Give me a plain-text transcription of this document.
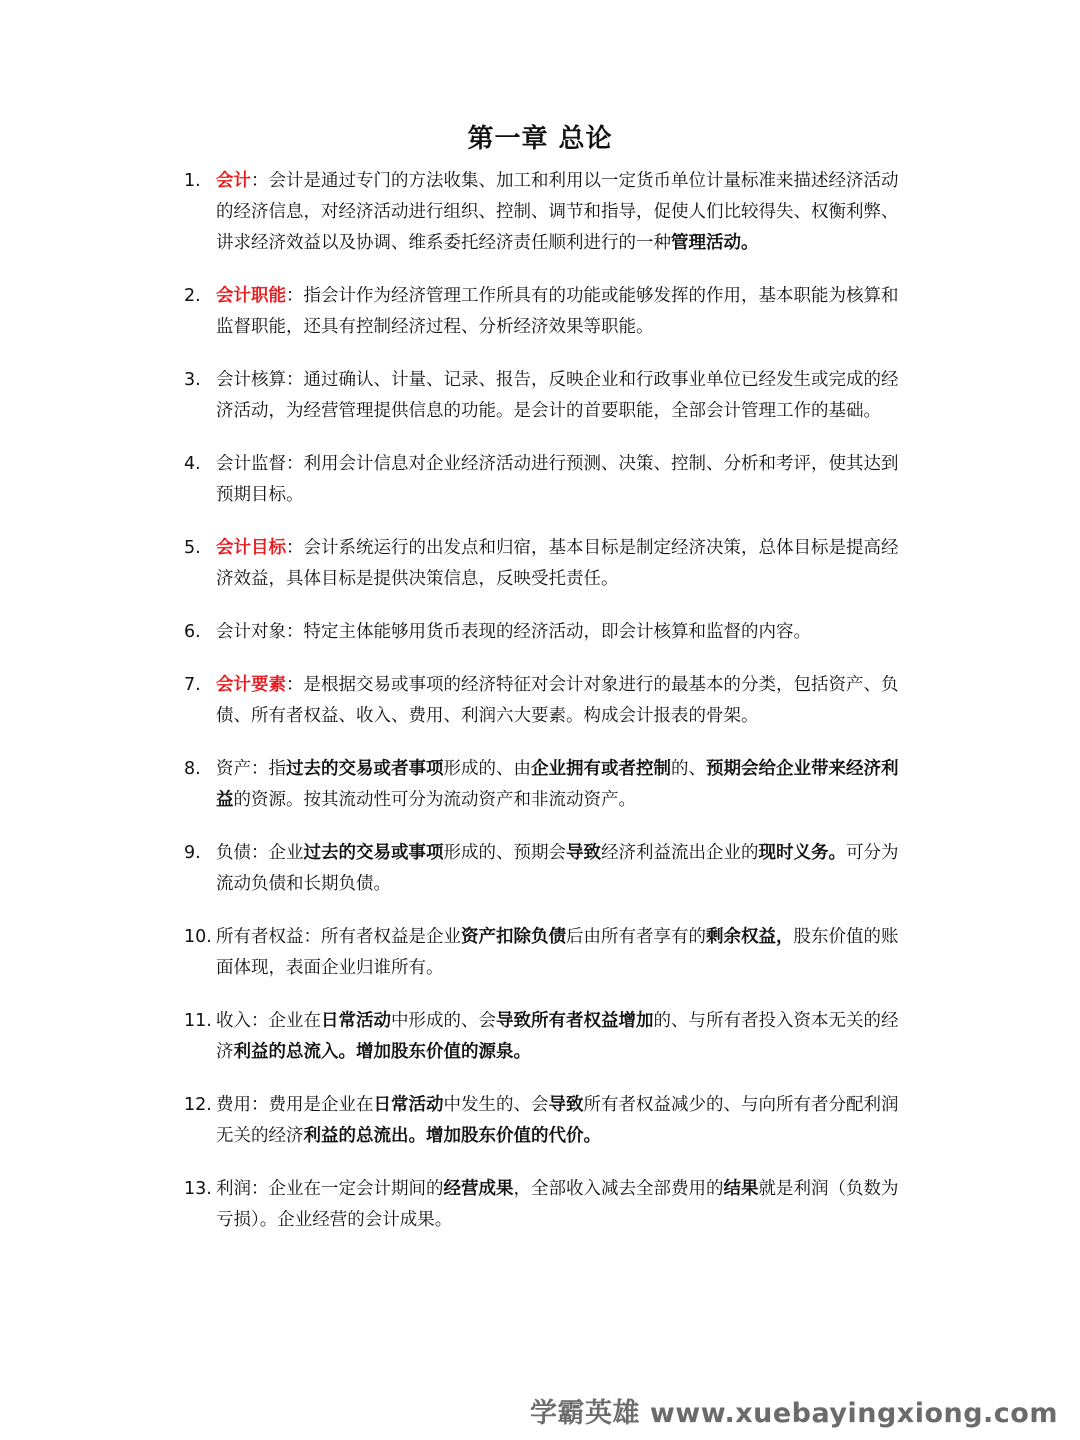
第一章 总论
1. 会计：会计是通过专门的方法收集、加工和利用以一定货币单位计量标准来描述经济活动的经济信息，对经济活动进行组织、控制、调节和指导，促使人们比较得失、权衡利弊、讲求经济效益以及协调、维系委托经济责任顺利进行的一种管理活动。
2. 会计职能：指会计作为经济管理工作所具有的功能或能够发挥的作用，基本职能为核算和监督职能，还具有控制经济过程、分析经济效果等职能。
3. 会计核算：通过确认、计量、记录、报告，反映企业和行政事业单位已经发生或完成的经济活动，为经营管理提供信息的功能。是会计的首要职能，全部会计管理工作的基础。
4. 会计监督：利用会计信息对企业经济活动进行预测、决策、控制、分析和考评，使其达到预期目标。
5. 会计目标：会计系统运行的出发点和归宿，基本目标是制定经济决策，总体目标是提高经济效益，具体目标是提供决策信息，反映受托责任。
6. 会计对象：特定主体能够用货币表现的经济活动，即会计核算和监督的内容。
7. 会计要素：是根据交易或事项的经济特征对会计对象进行的最基本的分类，包括资产、负债、所有者权益、收入、费用、利润六大要素。构成会计报表的骨架。
8. 资产：指过去的交易或者事项形成的、由企业拥有或者控制的、预期会给企业带来经济利益的资源。按其流动性可分为流动资产和非流动资产。
9. 负债：企业过去的交易或事项形成的、预期会导致经济利益流出企业的现时义务。可分为流动负债和长期负债。
10. 所有者权益：所有者权益是企业资产扣除负债后由所有者享有的剩余权益，股东价值的账面体现，表面企业归谁所有。
11. 收入：企业在日常活动中形成的、会导致所有者权益增加的、与所有者投入资本无关的经济利益的总流入。增加股东价值的源泉。
12. 费用：费用是企业在日常活动中发生的、会导致所有者权益减少的、与向所有者分配利润无关的经济利益的总流出。增加股东价值的代价。
13. 利润：企业在一定会计期间的经营成果，全部收入减去全部费用的结果就是利润（负数为亏损）。企业经营的会计成果。
学霸英雄 www.xuebayingxiong.com
